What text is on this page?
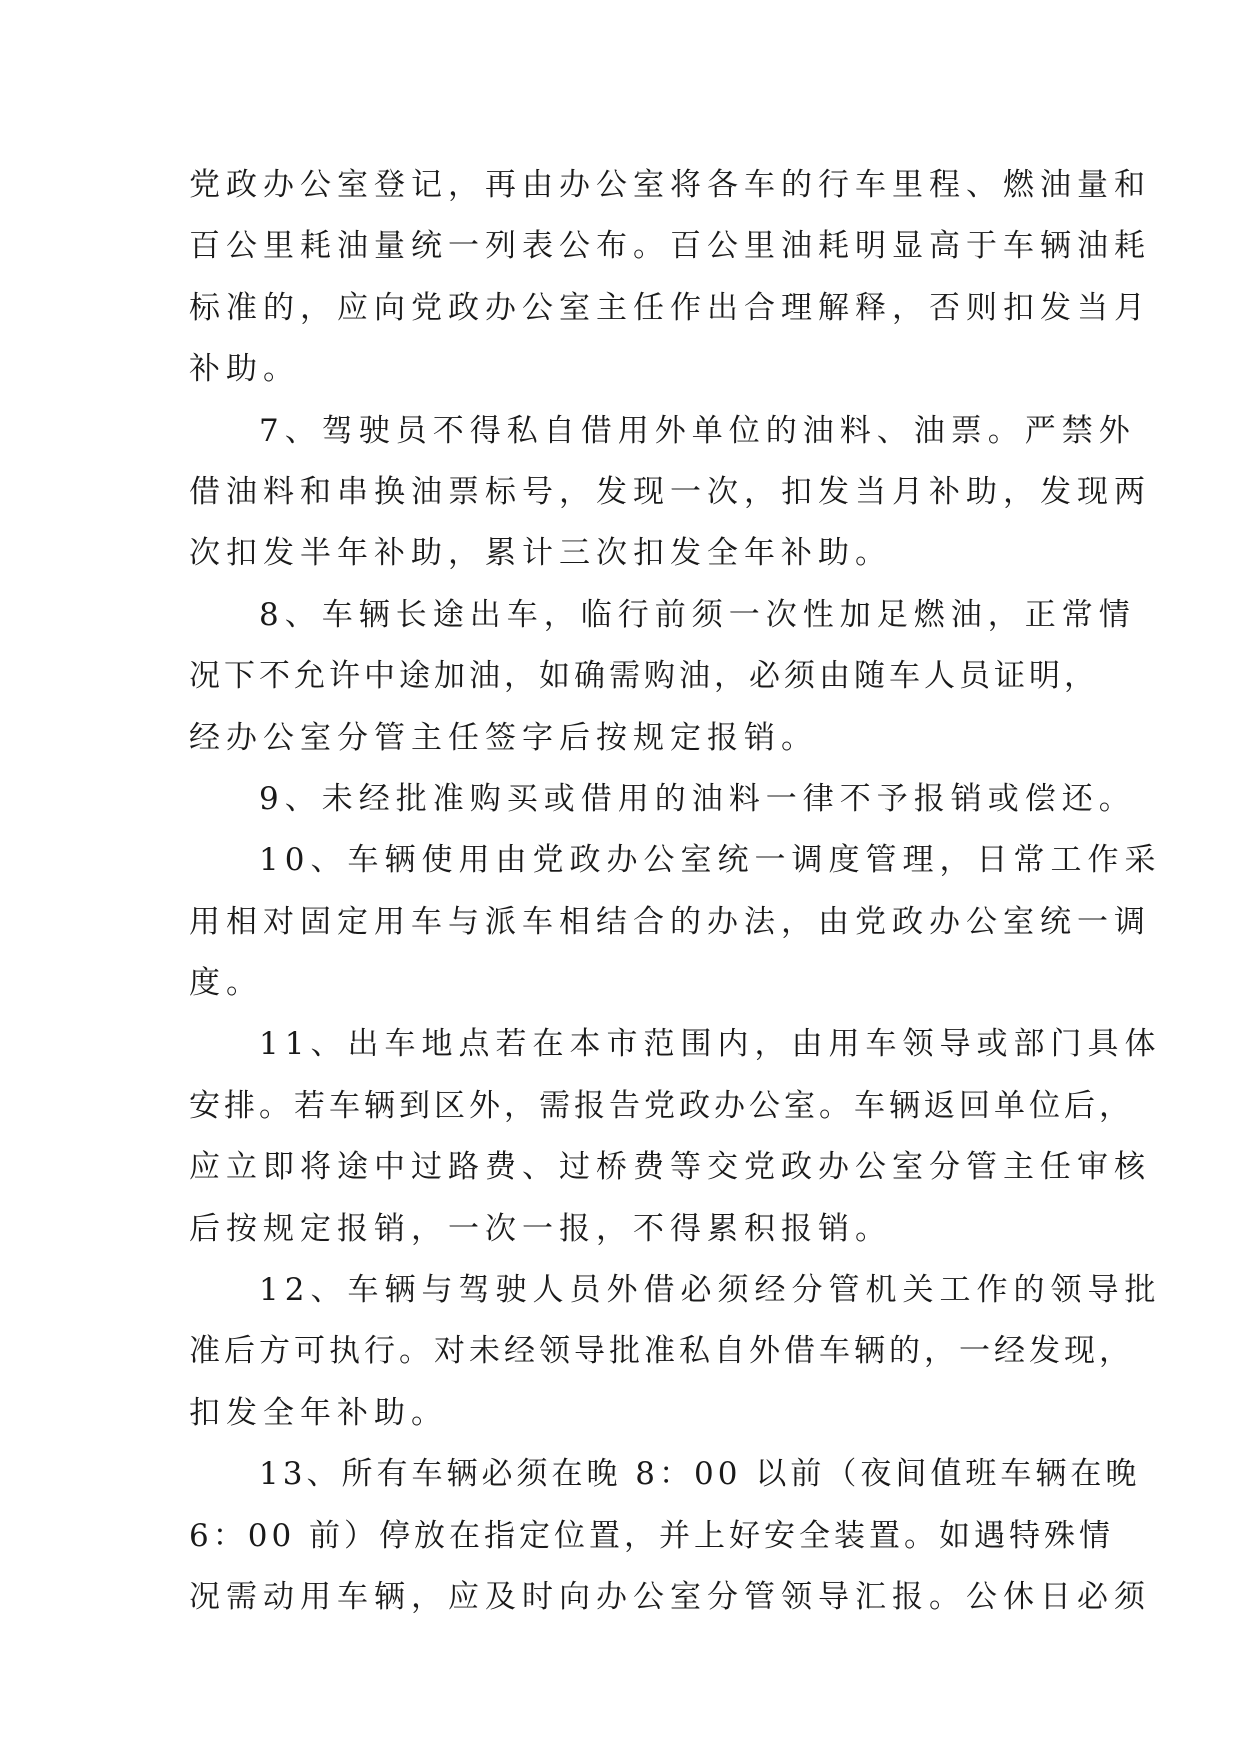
党政办公室登记，再由办公室将各车的行车里程、燃油量和
百公里耗油量统一列表公布。百公里油耗明显高于车辆油耗
标准的，应向党政办公室主任作出合理解释，否则扣发当月
补助。
7、驾驶员不得私自借用外单位的油料、油票。严禁外
借油料和串换油票标号，发现一次，扣发当月补助，发现两
次扣发半年补助，累计三次扣发全年补助。
8、车辆长途出车，临行前须一次性加足燃油，正常情
况下不允许中途加油，如确需购油，必须由随车人员证明，
经办公室分管主任签字后按规定报销。
9、未经批准购买或借用的油料一律不予报销或偿还。
10、车辆使用由党政办公室统一调度管理，日常工作采
用相对固定用车与派车相结合的办法，由党政办公室统一调
度。
11、出车地点若在本市范围内，由用车领导或部门具体
安排。若车辆到区外，需报告党政办公室。车辆返回单位后，
应立即将途中过路费、过桥费等交党政办公室分管主任审核
后按规定报销，一次一报，不得累积报销。
12、车辆与驾驶人员外借必须经分管机关工作的领导批
准后方可执行。对未经领导批准私自外借车辆的，一经发现，
扣发全年补助。
13、所有车辆必须在晚 8：00 以前（夜间值班车辆在晚
6：00 前）停放在指定位置，并上好安全装置。如遇特殊情
况需动用车辆，应及时向办公室分管领导汇报。公休日必须
